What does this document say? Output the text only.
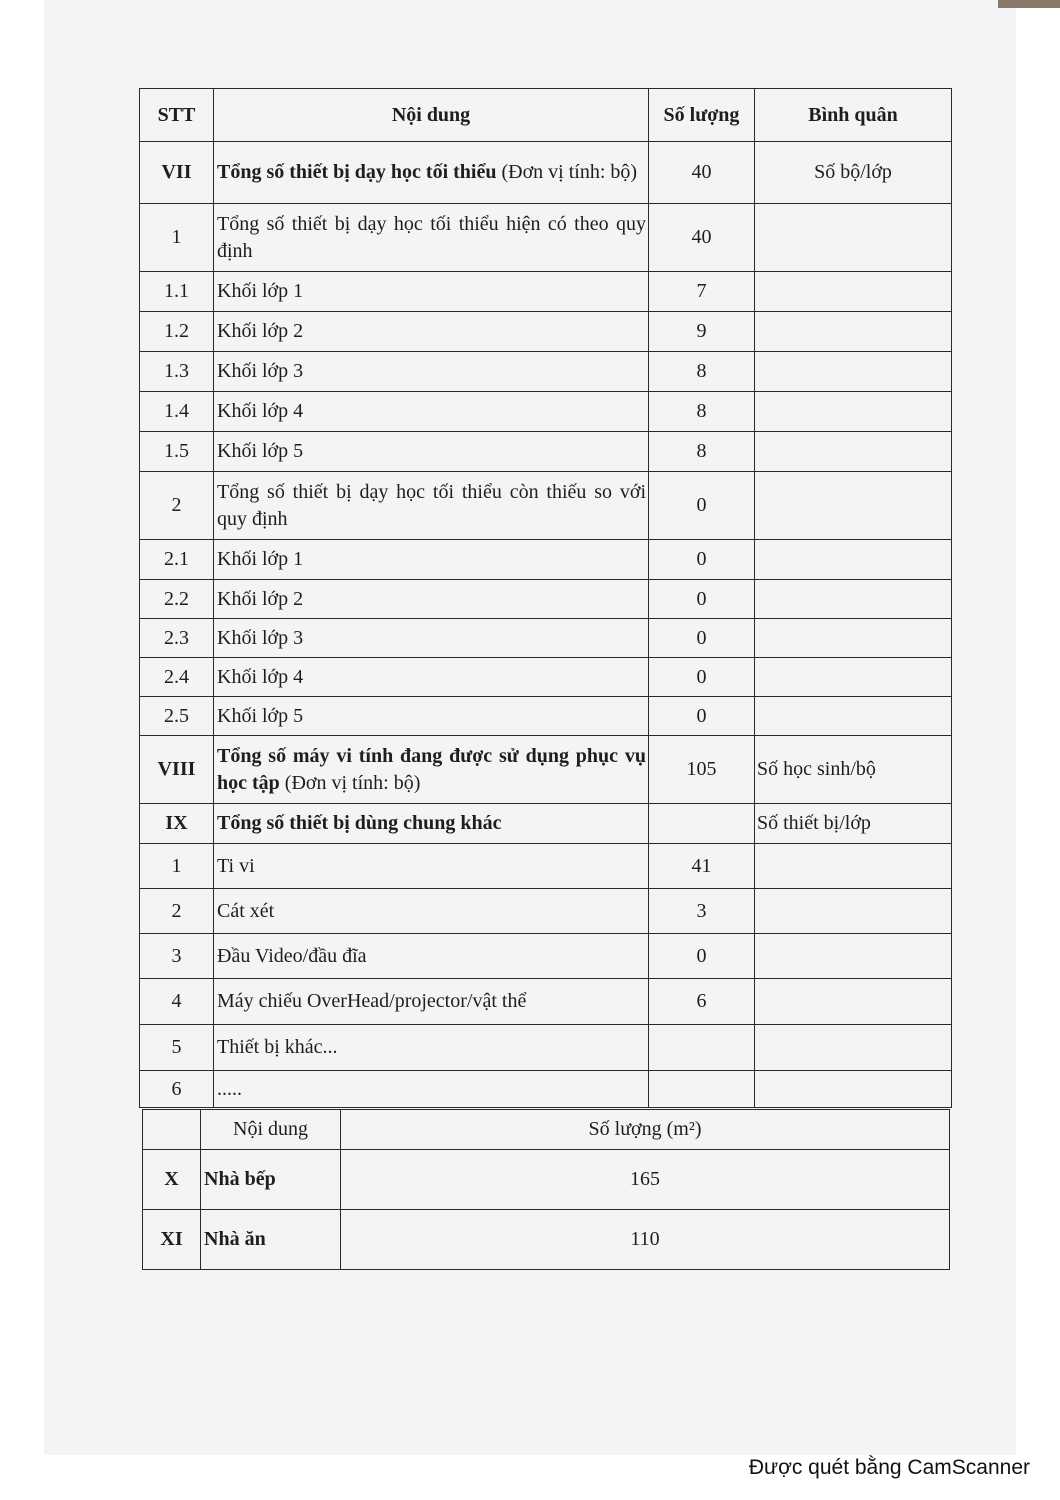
STT	Nội dung	Số lượng	Bình quân
VII	Tổng số thiết bị dạy học tối thiểu (Đơn vị tính: bộ)	40	Số bộ/lớp
1	Tổng số thiết bị dạy học tối thiểu hiện có theo quy định	40	
1.1	Khối lớp 1	7	
1.2	Khối lớp 2	9	
1.3	Khối lớp 3	8	
1.4	Khối lớp 4	8	
1.5	Khối lớp 5	8	
2	Tổng số thiết bị dạy học tối thiểu còn thiếu so với quy định	0	
2.1	Khối lớp 1	0	
2.2	Khối lớp 2	0	
2.3	Khối lớp 3	0	
2.4	Khối lớp 4	0	
2.5	Khối lớp 5	0	
VIII	Tổng số máy vi tính đang được sử dụng phục vụ học tập (Đơn vị tính: bộ)	105	Số học sinh/bộ
IX	Tổng số thiết bị dùng chung khác		Số thiết bị/lớp
1	Ti vi	41	
2	Cát xét	3	
3	Đầu Video/đầu đĩa	0	
4	Máy chiếu OverHead/projector/vật thể	6	
5	Thiết bị khác...		
6	.....		
	Nội dung	Số lượng (m²)
X	Nhà bếp	165
XI	Nhà ăn	110
Được quét bằng CamScanner
